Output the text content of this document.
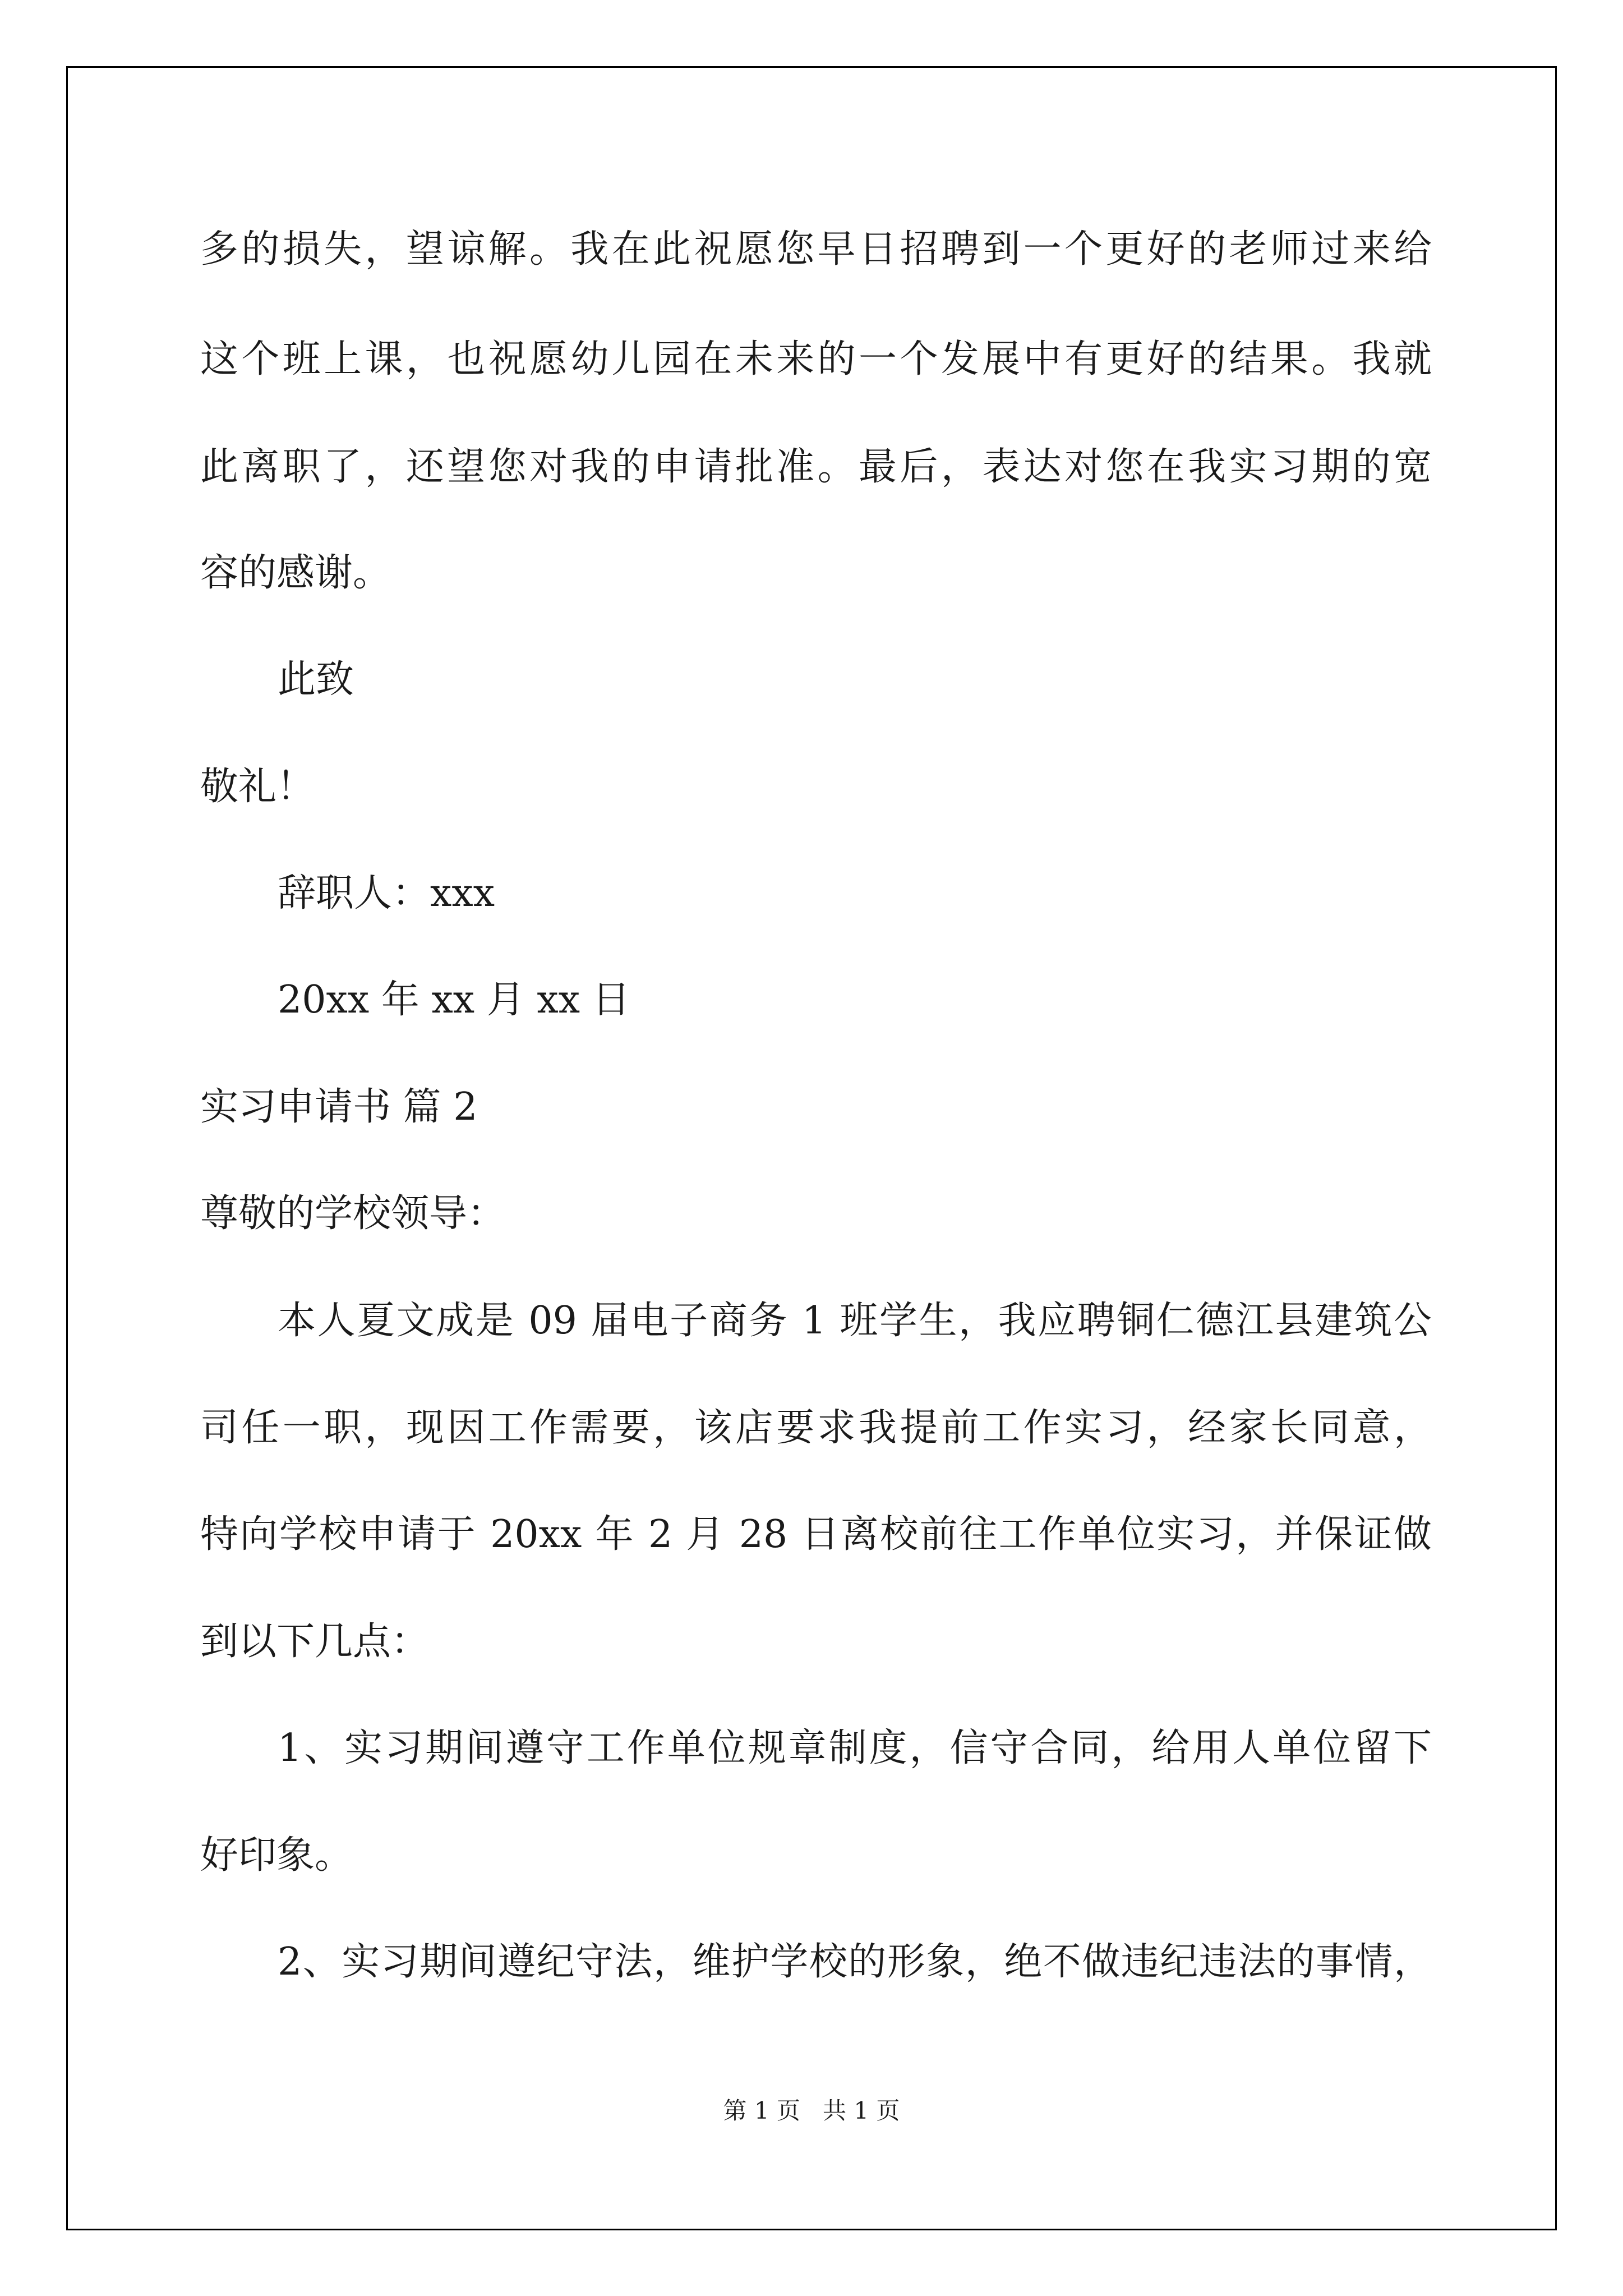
多的损失，望谅解。我在此祝愿您早日招聘到一个更好的老师过来给
这个班上课，也祝愿幼儿园在未来的一个发展中有更好的结果。我就
此离职了，还望您对我的申请批准。最后，表达对您在我实习期的宽
容的感谢。
此致
敬礼！
辞职人：xxx
20xx 年 xx 月 xx 日
实习申请书 篇 2
尊敬的学校领导：
本人夏文成是 09 届电子商务 1 班学生，我应聘铜仁德江县建筑公
司任一职，现因工作需要，该店要求我提前工作实习，经家长同意，
特向学校申请于 20xx 年 2 月 28 日离校前往工作单位实习，并保证做
到以下几点：
1、实习期间遵守工作单位规章制度，信守合同，给用人单位留下
好印象。
2、实习期间遵纪守法，维护学校的形象，绝不做违纪违法的事情，
第 1 页   共 1 页
